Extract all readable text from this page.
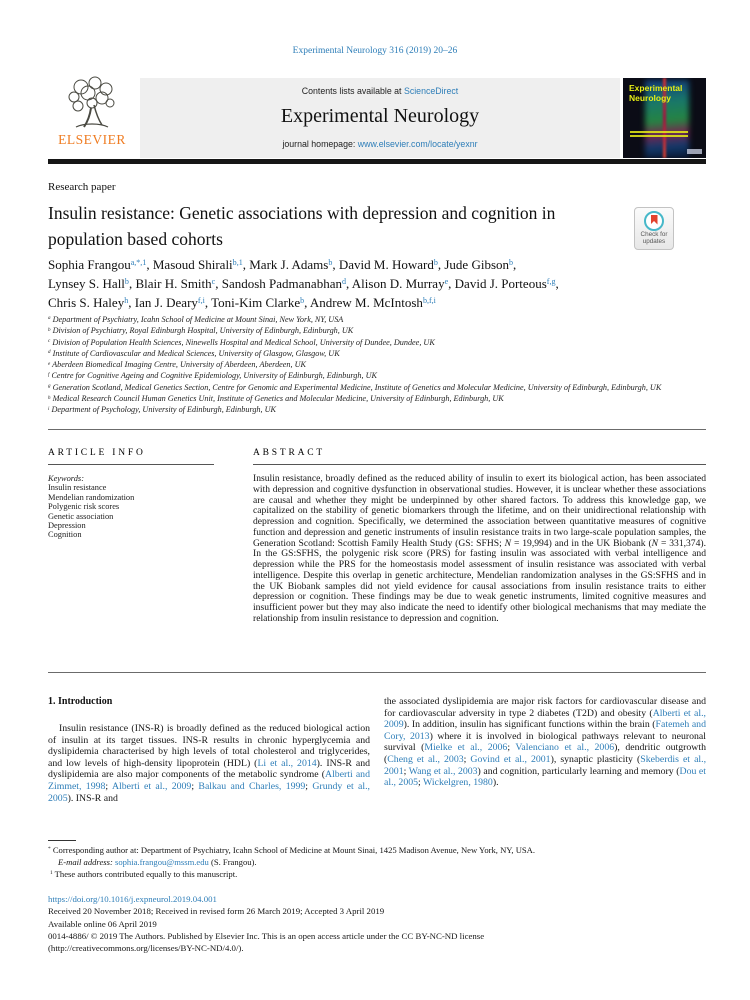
Experimental Neurology 316 (2019) 20–26
ELSEVIER
Contents lists available at ScienceDirect
Experimental Neurology
journal homepage: www.elsevier.com/locate/yexnr
Experimental
Neurology
Research paper
Insulin resistance: Genetic associations with depression and cognition in population based cohorts	Check for
updates
Sophia Frangou$^{a,*,1}$, Masoud Shirali$^{b,1}$, Mark J. Adams$^b$, David M. Howard$^b$, Jude Gibson$^b$,
Lynsey S. Hall$^b$, Blair H. Smith$^c$, Sandosh Padmanabhan$^d$, Alison D. Murray$^e$, David J. Porteous$^{f,g}$,
Chris S. Haley$^h$, Ian J. Deary$^{f,i}$, Toni-Kim Clarke$^b$, Andrew M. McIntosh$^{b,f,i}$
$^a$ Department of Psychiatry, Icahn School of Medicine at Mount Sinai, New York, NY, USA
$^b$ Division of Psychiatry, Royal Edinburgh Hospital, University of Edinburgh, Edinburgh, UK
$^c$ Division of Population Health Sciences, Ninewells Hospital and Medical School, University of Dundee, Dundee, UK
$^d$ Institute of Cardiovascular and Medical Sciences, University of Glasgow, Glasgow, UK
$^e$ Aberdeen Biomedical Imaging Centre, University of Aberdeen, Aberdeen, UK
$^f$ Centre for Cognitive Ageing and Cognitive Epidemiology, University of Edinburgh, Edinburgh, UK
$^g$ Generation Scotland, Medical Genetics Section, Centre for Genomic and Experimental Medicine, Institute of Genetics and Molecular Medicine, University of Edinburgh, Edinburgh, UK
$^h$ Medical Research Council Human Genetics Unit, Institute of Genetics and Molecular Medicine, University of Edinburgh, Edinburgh, UK
$^i$ Department of Psychology, University of Edinburgh, Edinburgh, UK
ARTICLE INFO
Keywords:
Insulin resistance
Mendelian randomization
Polygenic risk scores
Genetic association
Depression
Cognition
ABSTRACT
Insulin resistance, broadly defined as the reduced ability of insulin to exert its biological action, has been associated with depression and cognitive dysfunction in observational studies. However, it is unclear whether these associations are causal and whether they might be underpinned by other shared factors. To address this knowledge gap, we capitalized on the stability of genetic biomarkers through the lifetime, and on their unidirectional relationship with depression and cognition. Specifically, we determined the association between quantitative measures of cognitive function and depression and genetic instruments of insulin resistance traits in two large-scale population samples, the Generation Scotland: Scottish Family Health Study (GS: SFHS; N = 19,994) and in the UK Biobank (N = 331,374). In the GS:SFHS, the polygenic risk score (PRS) for fasting insulin was associated with verbal intelligence and depression while the PRS for the homeostasis model assessment of insulin resistance was associated with verbal intelligence. Despite this overlap in genetic architecture, Mendelian randomization analyses in the GS:SFHS and in the UK Biobank samples did not yield evidence for causal associations from insulin resistance traits to either depression or cognition. These findings may be due to weak genetic instruments, limited cognitive measures and insufficient power but they may also indicate the need to identify other biological mechanisms that may mediate the relationship from insulin resistance to depression and cognition.
1. Introduction
Insulin resistance (INS-R) is broadly defined as the reduced biological action of insulin at its target tissues. INS-R results in chronic hyperglycemia and dyslipidemia characterised by high levels of total cholesterol and triglycerides, and low levels of high-density lipoprotein (HDL) (Li et al., 2014). INS-R and dyslipidemia are also major components of the metabolic syndrome (Alberti and Zimmet, 1998; Alberti et al., 2009; Balkau and Charles, 1999; Grundy et al., 2005). INS-R and
the associated dyslipidemia are major risk factors for cardiovascular disease and for cardiovascular adversity in type 2 diabetes (T2D) and obesity (Alberti et al., 2009). In addition, insulin has significant functions within the brain (Fatemeh and Cory, 2013) where it is involved in biological pathways relevant to neuronal survival (Mielke et al., 2006; Valenciano et al., 2006), dendritic outgrowth (Cheng et al., 2003; Govind et al., 2001), synaptic plasticity (Skeberdis et al., 2001; Wang et al., 2003) and cognition, particularly learning and memory (Dou et al., 2005; Wickelgren, 1980).
* Corresponding author at: Department of Psychiatry, Icahn School of Medicine at Mount Sinai, 1425 Madison Avenue, New York, NY, USA.
E-mail address: sophia.frangou@mssm.edu (S. Frangou).
$^1$ These authors contributed equally to this manuscript.
https://doi.org/10.1016/j.expneurol.2019.04.001
Received 20 November 2018; Received in revised form 26 March 2019; Accepted 3 April 2019
Available online 06 April 2019
0014-4886/ © 2019 The Authors. Published by Elsevier Inc. This is an open access article under the CC BY-NC-ND license
(http://creativecommons.org/licenses/BY-NC-ND/4.0/).
